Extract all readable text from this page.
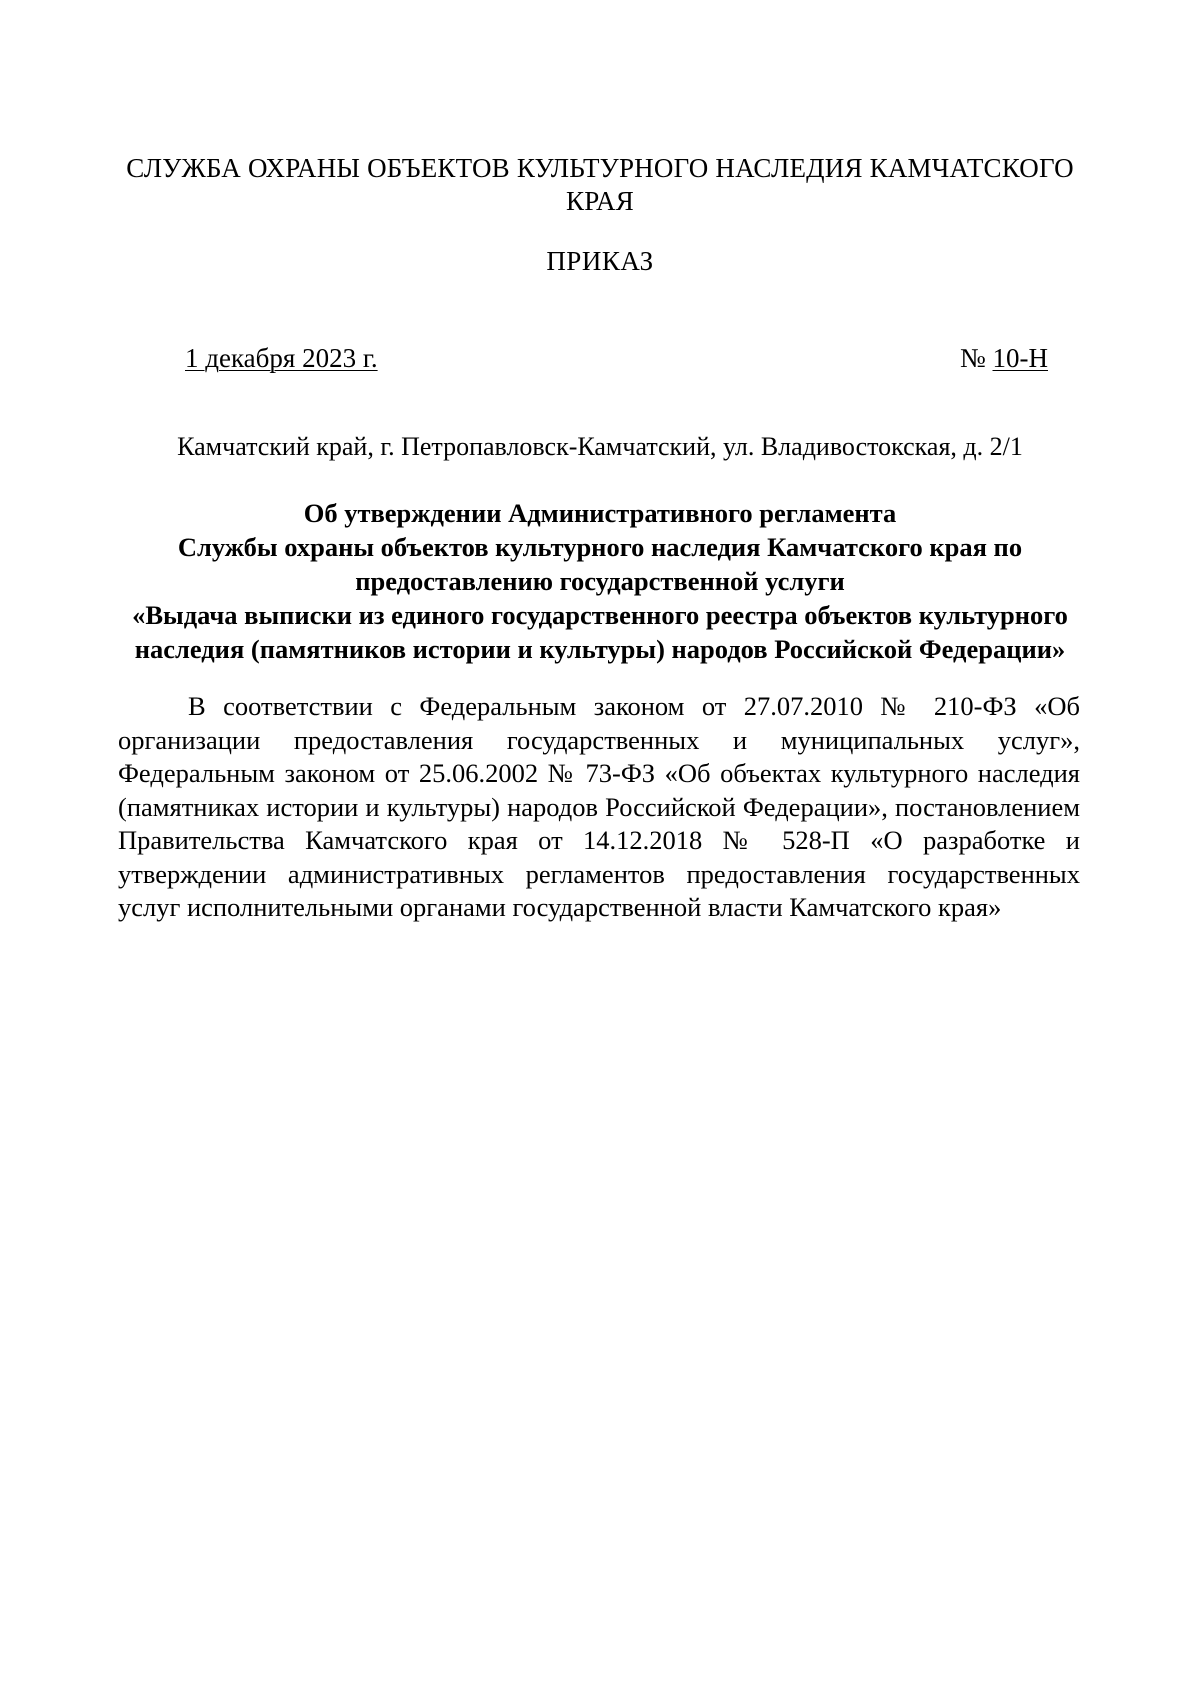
СЛУЖБА ОХРАНЫ ОБЪЕКТОВ КУЛЬТУРНОГО НАСЛЕДИЯ КАМЧАТСКОГО КРАЯ
ПРИКАЗ
1 декабря 2023 г.	№ 10-Н
Камчатский край, г. Петропавловск-Камчатский, ул. Владивостокская, д. 2/1
Об утверждении Административного регламента
Службы охраны объектов культурного наследия Камчатского края по
предоставлению государственной услуги
«Выдача выписки из единого государственного реестра объектов культурного
наследия (памятников истории и культуры) народов Российской Федерации»

В соответствии с Федеральным законом от 27.07.2010 № 210-ФЗ «Об организации предоставления государственных и муниципальных услуг», Федеральным законом от 25.06.2002 № 73-ФЗ «Об объектах культурного наследия (памятниках истории и культуры) народов Российской Федерации», постановлением Правительства Камчатского края от 14.12.2018 № 528-П «О разработке и утверждении административных регламентов предоставления государственных услуг исполнительными органами государственной власти Камчатского края»
